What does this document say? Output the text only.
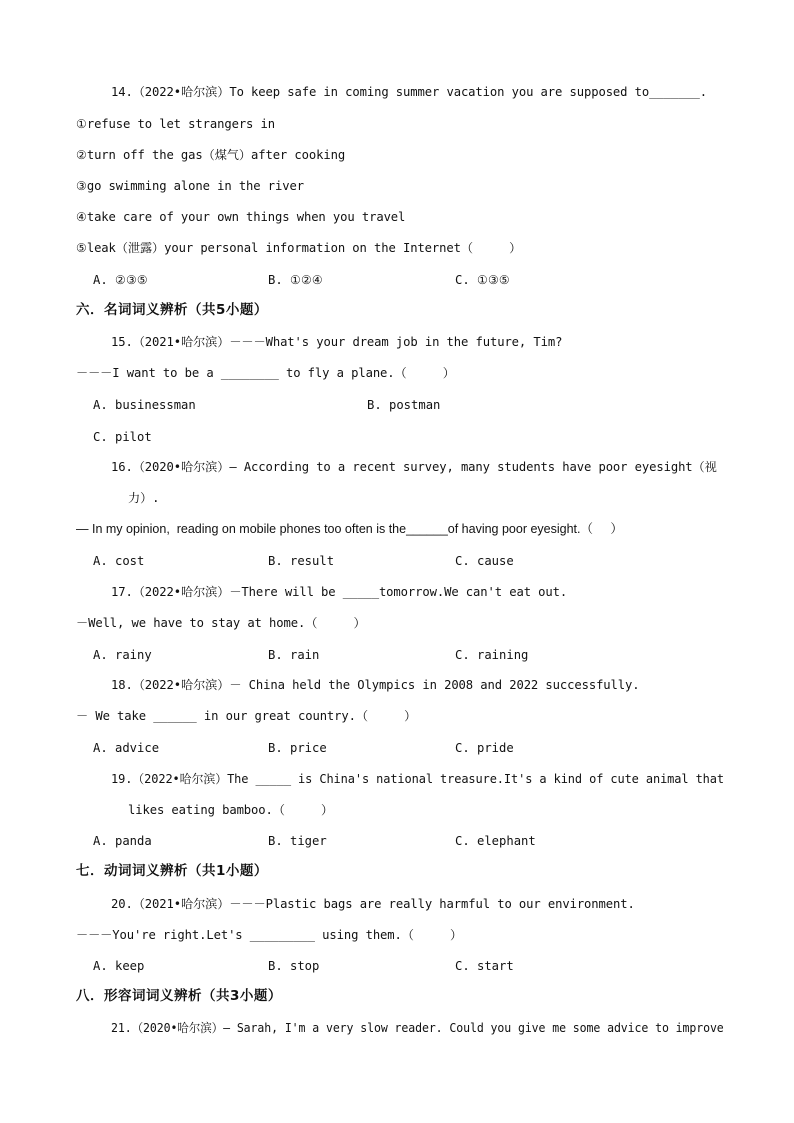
14.（2022•哈尔滨）To keep safe in coming summer vacation you are supposed to_______.
①refuse to let strangers in
②turn off the gas（煤气）after cooking
③go swimming alone in the river
④take care of your own things when you travel
⑤leak（泄露）your personal information on the Internet（     ）
A. ②③⑤	B. ①②④	C. ①③⑤
六．名词词义辨析（共5小题）
15.（2021•哈尔滨）－－－What's your dream job in the future, Tim?
－－－I want to be a ________ to fly a plane.（     ）
A. businessman	B. postman
C. pilot
16.（2020•哈尔滨）— According to a recent survey, many students have poor eyesight（视
力）.
— In my opinion,  reading on mobile phones too often is the______of having poor eyesight.（     ）
A. cost	B. result	C. cause
17.（2022•哈尔滨）－There will be _____tomorrow.We can't eat out.
－Well, we have to stay at home.（     ）
A. rainy	B. rain	C. raining
18.（2022•哈尔滨）－ China held the Olympics in 2008 and 2022 successfully.
－ We take ______ in our great country.（     ）
A. advice	B. price	C. pride
19.（2022•哈尔滨）The _____ is China's national treasure.It's a kind of cute animal that
likes eating bamboo.（     ）
A. panda	B. tiger	C. elephant
七．动词词义辨析（共1小题）
20.（2021•哈尔滨）－－－Plastic bags are really harmful to our environment.
－－－You're right.Let's _________ using them.（     ）
A. keep	B. stop	C. start
八．形容词词义辨析（共3小题）
21.（2020•哈尔滨）— Sarah, I'm a very slow reader. Could you give me some advice to improve
